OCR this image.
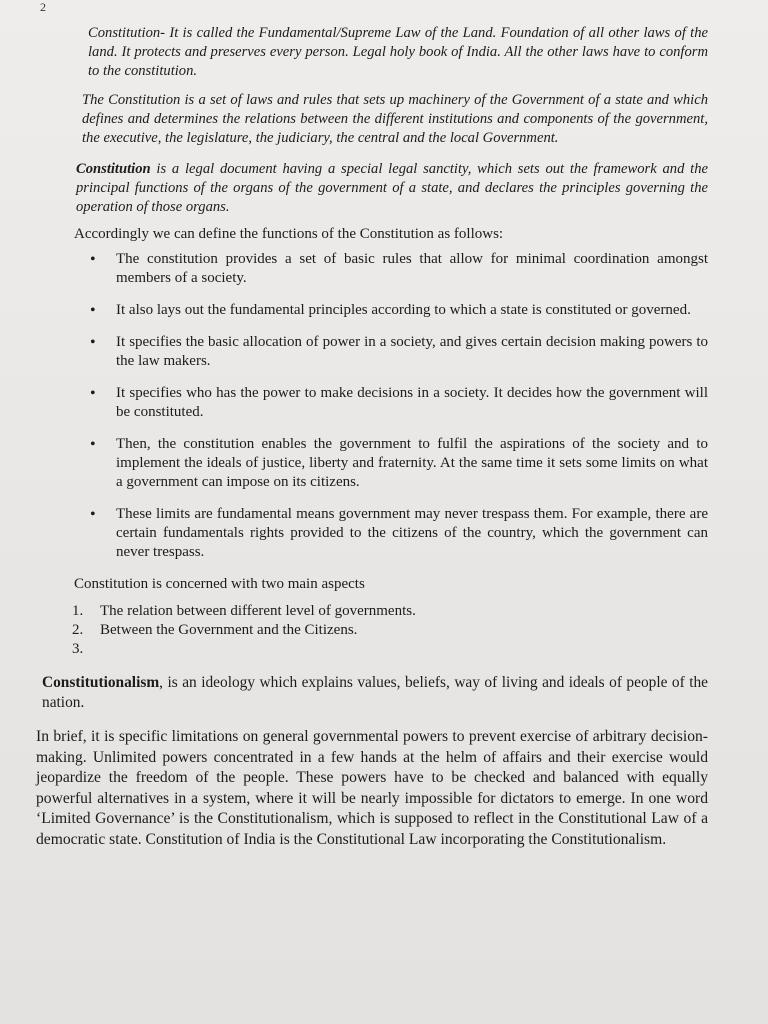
2

Constitution- It is called the Fundamental/Supreme Law of the Land. Foundation of all other laws of the land. It protects and preserves every person. Legal holy book of India. All the other laws have to conform to the constitution.

The Constitution is a set of laws and rules that sets up machinery of the Government of a state and which defines and determines the relations between the different institutions and components of the government, the executive, the legislature, the judiciary, the central and the local Government.

Constitution is a legal document having a special legal sanctity, which sets out the framework and the principal functions of the organs of the government of a state, and declares the principles governing the operation of those organs.

Accordingly we can define the functions of the Constitution as follows:

• The constitution provides a set of basic rules that allow for minimal coordination amongst members of a society.
• It also lays out the fundamental principles according to which a state is constituted or governed.
• It specifies the basic allocation of power in a society, and gives certain decision making powers to the law makers.
• It specifies who has the power to make decisions in a society. It decides how the government will be constituted.
• Then, the constitution enables the government to fulfil the aspirations of the society and to implement the ideals of justice, liberty and fraternity. At the same time it sets some limits on what a government can impose on its citizens.
• These limits are fundamental means government may never trespass them. For example, there are certain fundamentals rights provided to the citizens of the country, which the government can never trespass.

Constitution is concerned with two main aspects

1. The relation between different level of governments.
2. Between the Government and the Citizens.
3.

Constitutionalism, is an ideology which explains values, beliefs, way of living and ideals of people of the nation.

In brief, it is specific limitations on general governmental powers to prevent exercise of arbitrary decision-making. Unlimited powers concentrated in a few hands at the helm of affairs and their exercise would jeopardize the freedom of the people. These powers have to be checked and balanced with equally powerful alternatives in a system, where it will be nearly impossible for dictators to emerge. In one word ‘Limited Governance’ is the Constitutionalism, which is supposed to reflect in the Constitutional Law of a democratic state. Constitution of India is the Constitutional Law incorporating the Constitutionalism.
